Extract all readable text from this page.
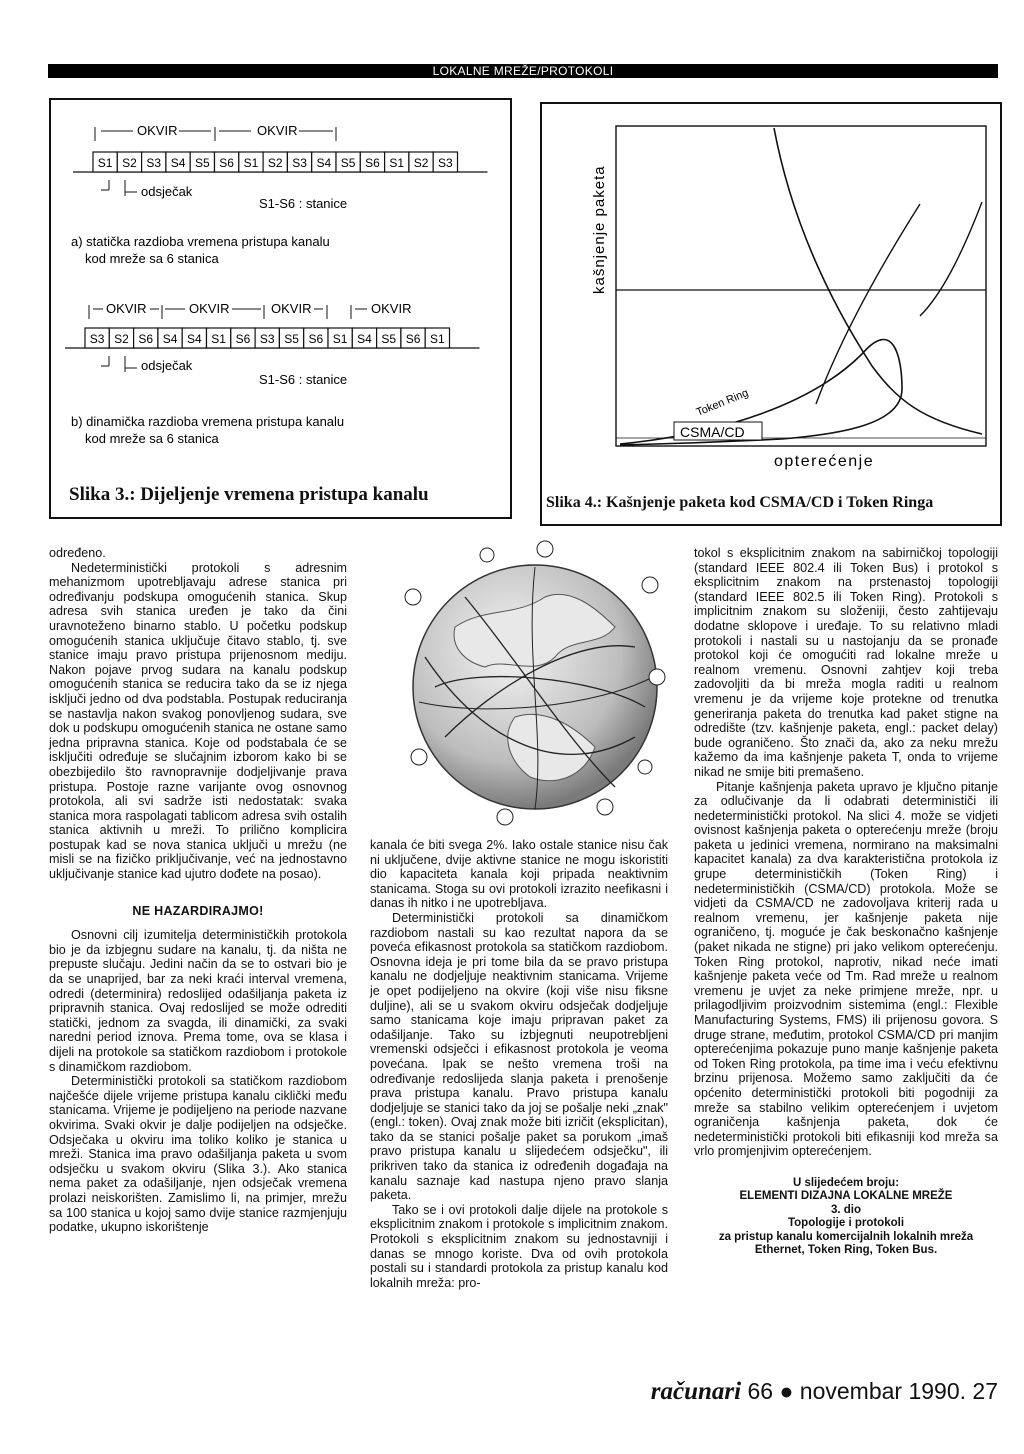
LOKALNE MREŽE/PROTOKOLI
S1 S2 S3 S4 S5 S6 S1 S2 S3 S4 S5 S6 S1 S2 S3
S3 S2 S6 S4 S4 S1 S6 S3 S5 S6 S1 S4 S5 S6 S1
OKVIR	OKVIR
odsječak
S1-S6 : stanice
a) statička razdioba vremena pristupa kanalu
kod mreže sa 6 stanica
OKVIR	OKVIR	OKVIR	OKVIR
odsječak
S1-S6 : stanice
b) dinamička razdioba vremena pristupa kanalu
kod mreže sa 6 stanica
Slika 3.: Dijeljenje vremena pristupa kanalu
Token Ring
CSMA/CD
kašnjenje paketa
opterećenje
Slika 4.: Kašnjenje paketa kod CSMA/CD i Token Ringa

određeno.

Nedeterministički protokoli s adresnim mehanizmom upotrebljavaju adrese stanica pri određivanju podskupa omogućenih stanica. Skup adresa svih stanica uređen je tako da čini uravnoteženo binarno stablo. U početku podskup omogućenih stanica uključuje čitavo stablo, tj. sve stanice imaju pravo pristupa prijenosnom mediju. Nakon pojave prvog sudara na kanalu podskup omogućenih stanica se reducira tako da se iz njega isključi jedno od dva podstabla. Postupak reduciranja se nastavlja nakon svakog ponovljenog sudara, sve dok u podskupu omogućenih stanica ne ostane samo jedna pripravna stanica. Koje od podstabala će se isključiti određuje se slučajnim izborom kako bi se obezbijedilo što ravnopravnije dodjeljivanje prava pristupa. Postoje razne varijante ovog osnovnog protokola, ali svi sadrže isti nedostatak: svaka stanica mora raspolagati tablicom adresa svih ostalih stanica aktivnih u mreži. To prilično komplicira postupak kad se nova stanica uključi u mrežu (ne misli se na fizičko priključivanje, već na jednostavno uključivanje stanice kad ujutro dođete na posao).

NE HAZARDIRAJMO!

Osnovni cilj izumitelja determinističkih protokola bio je da izbjegnu sudare na kanalu, tj. da ništa ne prepuste slučaju. Jedini način da se to ostvari bio je da se unaprijed, bar za neki kraći interval vremena, odredi (determinira) redoslijed odašiljanja paketa iz pripravnih stanica. Ovaj redoslijed se može odrediti statički, jednom za svagda, ili dinamički, za svaki naredni period iznova. Prema tome, ova se klasa i dijeli na protokole sa statičkom razdiobom i protokole s dinamičkom razdiobom.

Deterministički protokoli sa statičkom razdiobom najčešće dijele vrijeme pristupa kanalu ciklički među stanicama. Vrijeme je podijeljeno na periode nazvane okvirima. Svaki okvir je dalje podijeljen na odsječke. Odsječaka u okviru ima toliko koliko je stanica u mreži. Stanica ima pravo odašiljanja paketa u svom odsječku u svakom okviru (Slika 3.). Ako stanica nema paket za odašiljanje, njen odsječak vremena prolazi neiskorišten. Zamislimo li, na primjer, mrežu sa 100 stanica u kojoj samo dvije stanice razmjenjuju podatke, ukupno iskorištenje

kanala će biti svega 2%. Iako ostale stanice nisu čak ni uključene, dvije aktivne stanice ne mogu iskoristiti dio kapaciteta kanala koji pripada neaktivnim stanicama. Stoga su ovi protokoli izrazito neefikasni i danas ih nitko i ne upotrebljava.

Deterministički protokoli sa dinamičkom razdiobom nastali su kao rezultat napora da se poveća efikasnost protokola sa statičkom razdiobom. Osnovna ideja je pri tome bila da se pravo pristupa kanalu ne dodjeljuje neaktivnim stanicama. Vrijeme je opet podijeljeno na okvire (koji više nisu fiksne duljine), ali se u svakom okviru odsječak dodjeljuje samo stanicama koje imaju pripravan paket za odašiljanje. Tako su izbjegnuti neupotrebljeni vremenski odsječci i efikasnost protokola je veoma povećana. Ipak se nešto vremena troši na određivanje redoslijeda slanja paketa i prenošenje prava pristupa kanalu. Pravo pristupa kanalu dodjeljuje se stanici tako da joj se pošalje neki „znak" (engl.: token). Ovaj znak može biti izričit (eksplicitan), tako da se stanici pošalje paket sa porukom „imaš pravo pristupa kanalu u slijedećem odsječku", ili prikriven tako da stanica iz određenih događaja na kanalu saznaje kad nastupa njeno pravo slanja paketa.

Tako se i ovi protokoli dalje dijele na protokole s eksplicitnim znakom i protokole s implicitnim znakom. Protokoli s eksplicitnim znakom su jednostavniji i danas se mnogo koriste. Dva od ovih protokola postali su i standardi protokola za pristup kanalu kod lokalnih mreža: pro-

tokol s eksplicitnim znakom na sabirničkoj topologiji (standard IEEE 802.4 ili Token Bus) i protokol s eksplicitnim znakom na prstenastoj topologiji (standard IEEE 802.5 ili Token Ring). Protokoli s implicitnim znakom su složeniji, često zahtijevaju dodatne sklopove i uređaje. To su relativno mladi protokoli i nastali su u nastojanju da se pronađe protokol koji će omogućiti rad lokalne mreže u realnom vremenu. Osnovni zahtjev koji treba zadovoljiti da bi mreža mogla raditi u realnom vremenu je da vrijeme koje protekne od trenutka generiranja paketa do trenutka kad paket stigne na odredište (tzv. kašnjenje paketa, engl.: packet delay) bude ograničeno. Što znači da, ako za neku mrežu kažemo da ima kašnjenje paketa T, onda to vrijeme nikad ne smije biti premašeno.

Pitanje kašnjenja paketa upravo je ključno pitanje za odlučivanje da li odabrati determinističi ili nedeterministički protokol. Na slici 4. može se vidjeti ovisnost kašnjenja paketa o opterećenju mreže (broju paketa u jedinici vremena, normirano na maksimalni kapacitet kanala) za dva karakteristična protokola iz grupe determinističkih (Token Ring) i nedeterminističkih (CSMA/CD) protokola. Može se vidjeti da CSMA/CD ne zadovoljava kriterij rada u realnom vremenu, jer kašnjenje paketa nije ograničeno, tj. moguće je čak beskonačno kašnjenje (paket nikada ne stigne) pri jako velikom opterećenju. Token Ring protokol, naprotiv, nikad neće imati kašnjenje paketa veće od Tm. Rad mreže u realnom vremenu je uvjet za neke primjene mreže, npr. u prilagodljivim proizvodnim sistemima (engl.: Flexible Manufacturing Systems, FMS) ili prijenosu govora. S druge strane, međutim, protokol CSMA/CD pri manjim opterećenjima pokazuje puno manje kašnjenje paketa od Token Ring protokola, pa time ima i veću efektivnu brzinu prijenosa. Možemo samo zaključiti da će općenito deterministički protokoli biti pogodniji za mreže sa stabilno velikim opterećenjem i uvjetom ograničenja kašnjenja paketa, dok će nedeterministički protokoli biti efikasniji kod mreža sa vrlo promjenjivim opterećenjem.

U slijedećem broju:
ELEMENTI DIZAJNA LOKALNE MREŽE
3. dio
Topologije i protokoli
za pristup kanalu komercijalnih lokalnih mreža
Ethernet, Token Ring, Token Bus.
računari 66 ● novembar 1990. 27
